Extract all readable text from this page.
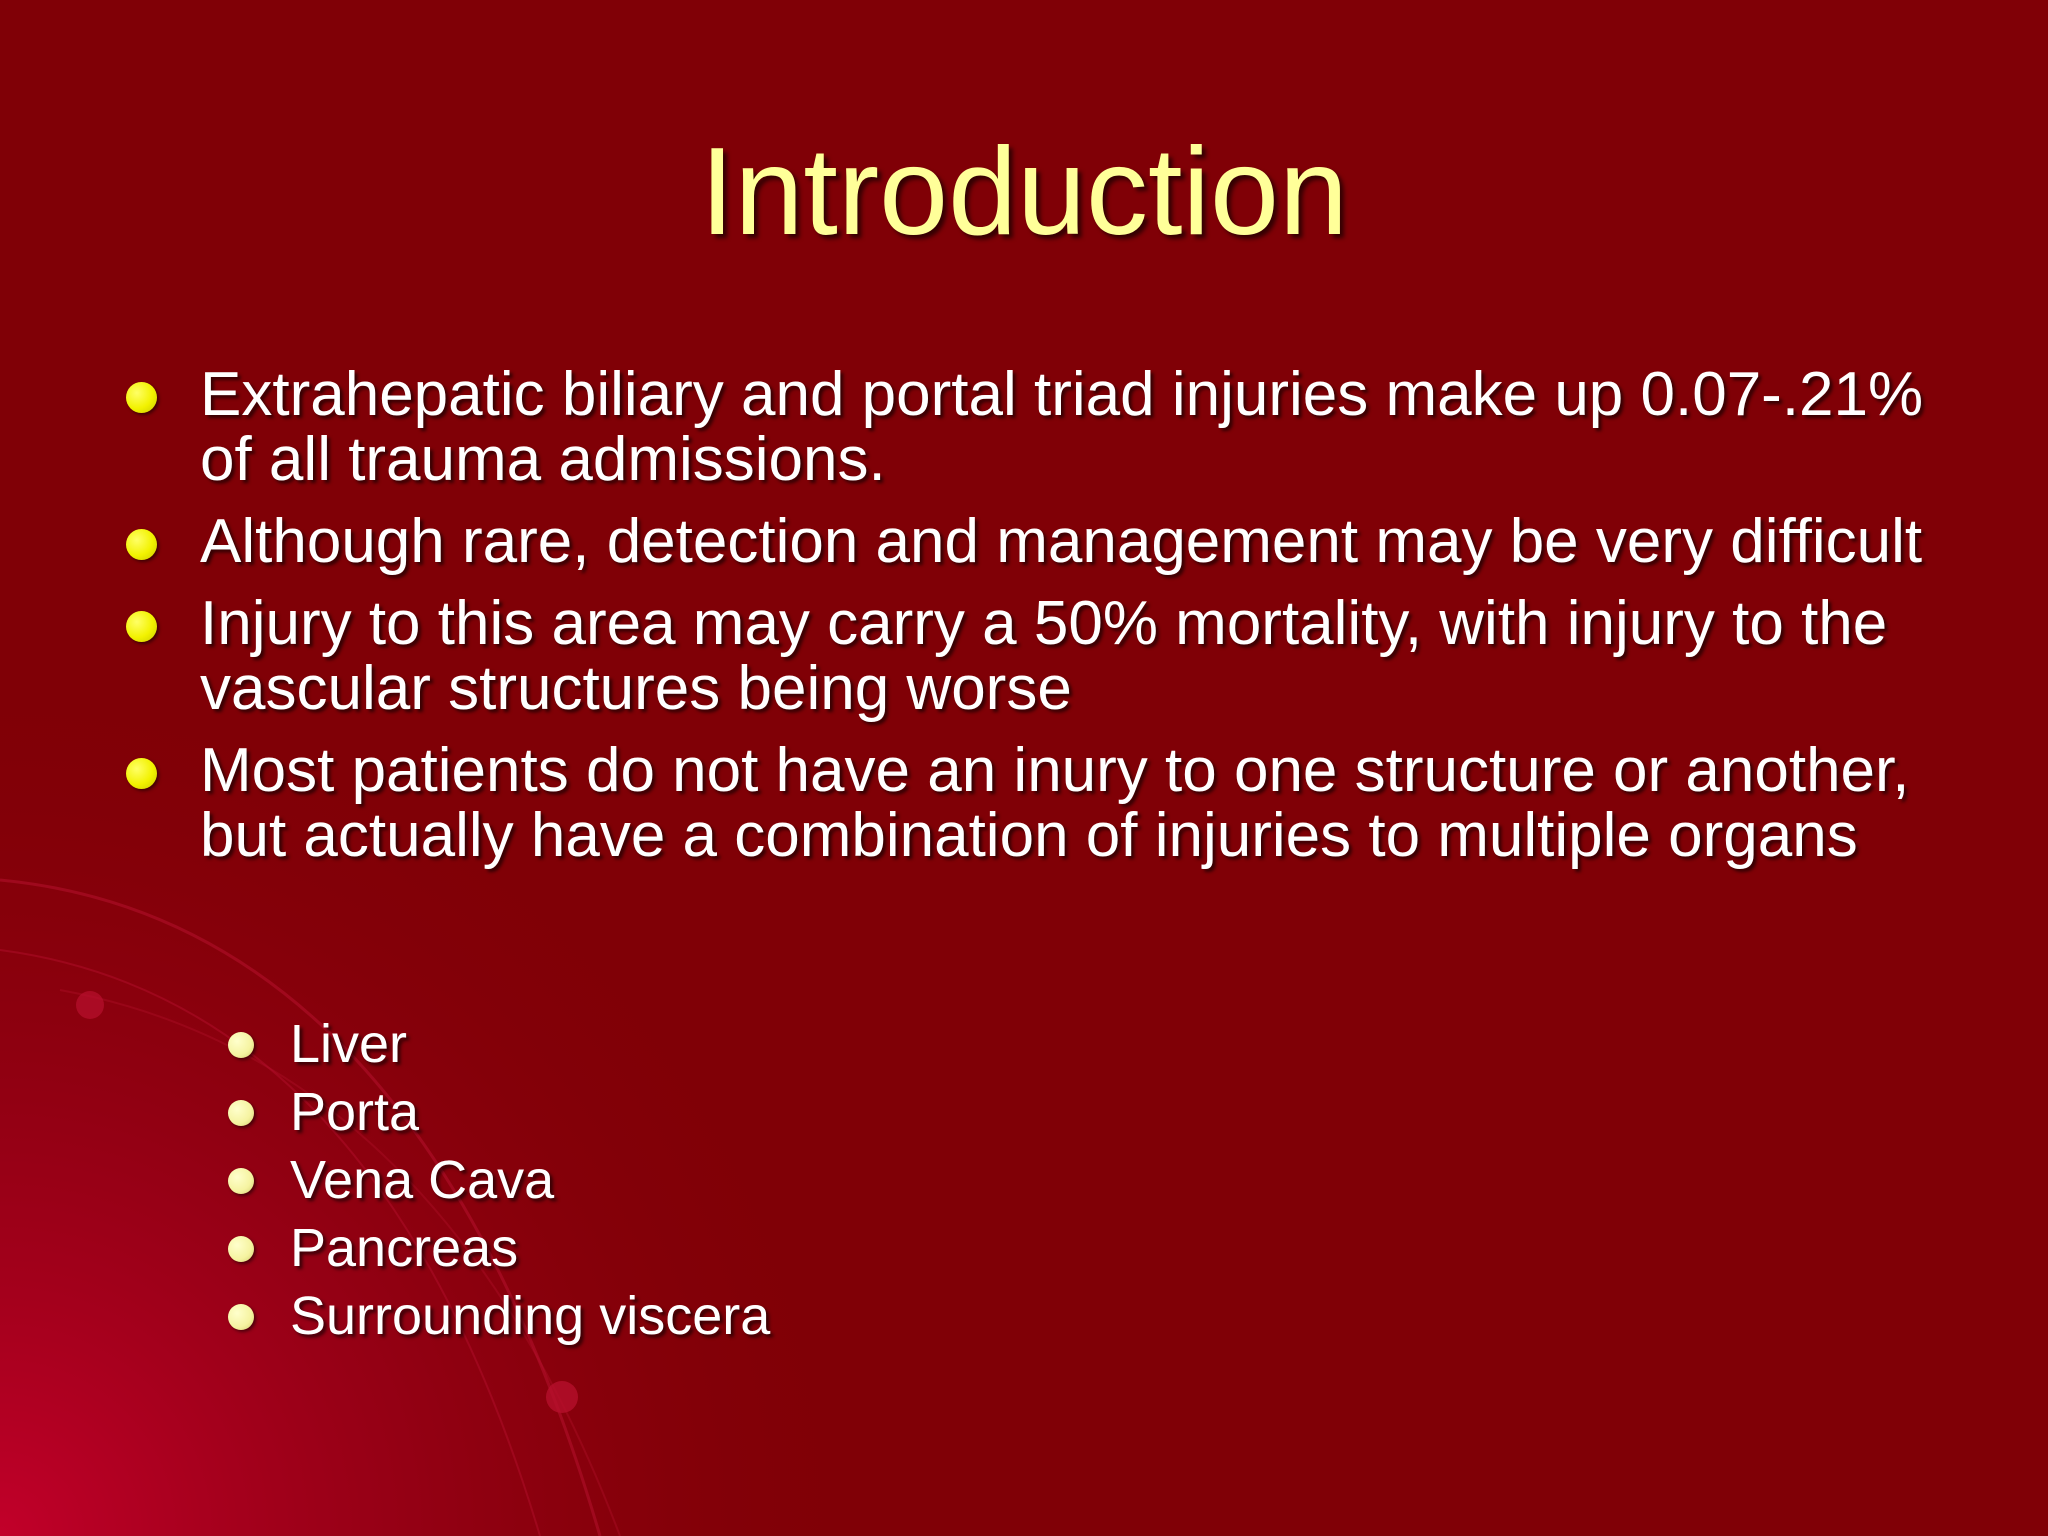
Introduction
Extrahepatic biliary and portal triad injuries make up 0.07-.21% of all trauma admissions.
Although rare, detection and management may be very difficult
Injury to this area may carry a 50% mortality, with injury to the vascular structures being worse
Most patients do not have an inury to one structure or another, but actually have a combination of injuries to multiple organs
Liver
Porta
Vena Cava
Pancreas
Surrounding viscera
